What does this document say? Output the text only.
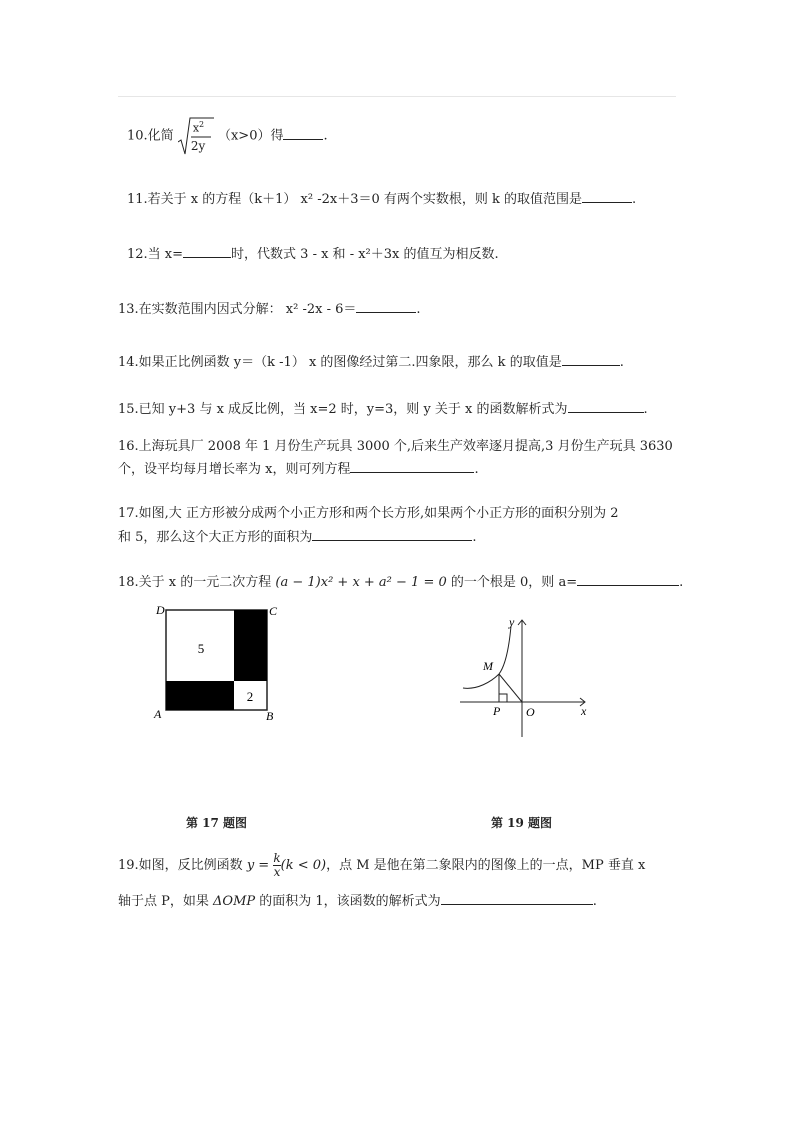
10.化简
$x^2$
2y
（x>0）得	.
11.若关于 x 的方程（k＋1） x² -2x＋3＝0 有两个实数根，则 k 的取值范围是	.
12.当 x=	时，代数式 3 - x 和 - x²＋3x 的值互为相反数.
13.在实数范围内因式分解： x² -2x - 6＝	.
14.如果正比例函数 y＝（k -1） x 的图像经过第二.四象限，那么 k 的取值是	.
15.已知 y+3 与 x 成反比例，当 x=2 时，y=3，则 y 关于 x 的函数解析式为	.
16.上海玩具厂 2008 年 1 月份生产玩具 3000 个,后来生产效率逐月提高,3 月份生产玩具 3630
个，设平均每月增长率为 x，则可列方程	.
17.如图,大 正方形被分成两个小正方形和两个长方形,如果两个小正方形的面积分别为 2
和 5，那么这个大正方形的面积为	.
18.关于 x 的一元二次方程 (a − 1)x² + x + a² − 1 = 0 的一个根是 0，则 a=	.
5
2
D	C
A	B
M
P O
y
x
第 17 题图	第 19 题图
19.如图，反比例函数 $y = \frac{k}{x} (k < 0)$，点 M 是他在第二象限内的图像上的一点，MP 垂直 x
轴于点 P，如果 ΔOMP 的面积为 1，该函数的解析式为	.
